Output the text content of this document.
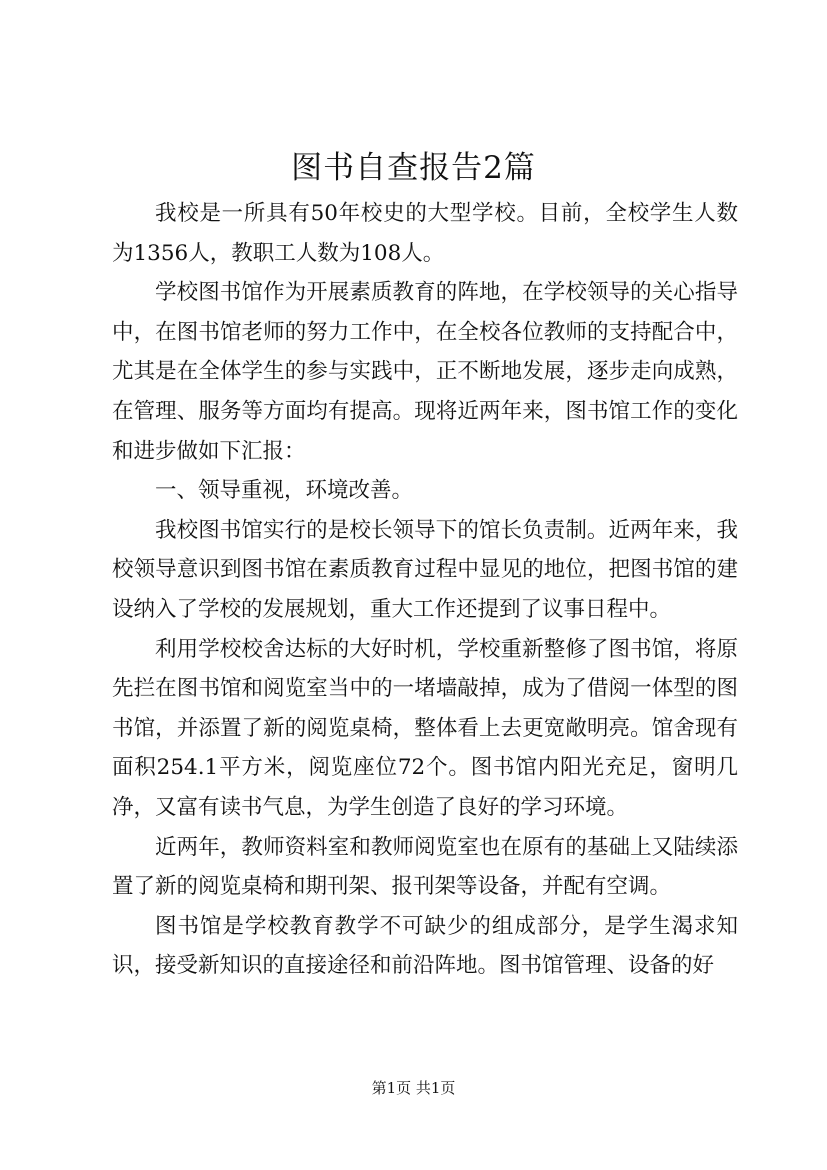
图书自查报告2篇

我校是一所具有50年校史的大型学校。目前，全校学生人数为1356人，教职工人数为108人。

学校图书馆作为开展素质教育的阵地，在学校领导的关心指导中，在图书馆老师的努力工作中，在全校各位教师的支持配合中，尤其是在全体学生的参与实践中，正不断地发展，逐步走向成熟，在管理、服务等方面均有提高。现将近两年来，图书馆工作的变化和进步做如下汇报：

一、领导重视，环境改善。

我校图书馆实行的是校长领导下的馆长负责制。近两年来，我校领导意识到图书馆在素质教育过程中显见的地位，把图书馆的建设纳入了学校的发展规划，重大工作还提到了议事日程中。

利用学校校舍达标的大好时机，学校重新整修了图书馆，将原先拦在图书馆和阅览室当中的一堵墙敲掉，成为了借阅一体型的图书馆，并添置了新的阅览桌椅，整体看上去更宽敞明亮。馆舍现有面积254.1平方米，阅览座位72个。图书馆内阳光充足，窗明几净，又富有读书气息，为学生创造了良好的学习环境。

近两年，教师资料室和教师阅览室也在原有的基础上又陆续添置了新的阅览桌椅和期刊架、报刊架等设备，并配有空调。

图书馆是学校教育教学不可缺少的组成部分，是学生渴求知识，接受新知识的直接途径和前沿阵地。图书馆管理、设备的好

第1页 共1页
